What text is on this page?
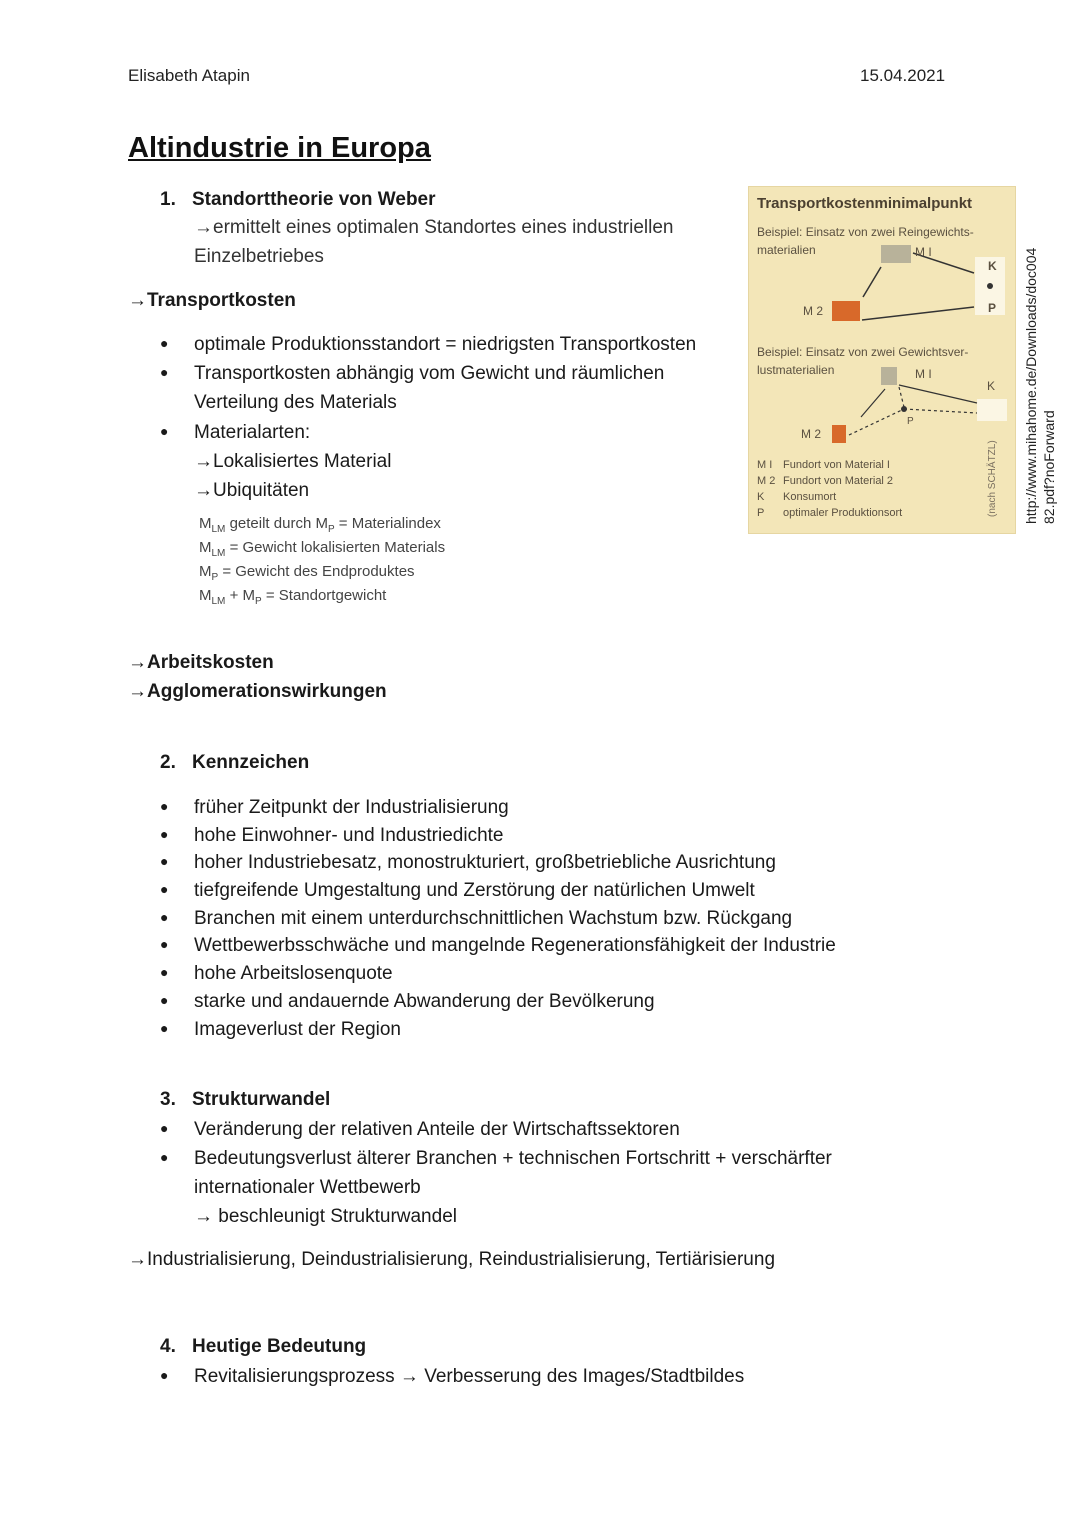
Elisabeth Atapin	15.04.2021
Altindustrie in Europa
1. Standorttheorie von Weber
→ermittelt eines optimalen Standortes eines industriellen
Einzelbetriebes
→Transportkosten
● optimale Produktionsstandort = niedrigsten Transportkosten
● Transportkosten abhängig vom Gewicht und räumlichen
Verteilung des Materials
● Materialarten:
→Lokalisiertes Material
→Ubiquitäten
$M_{LM}$ geteilt durch $M_P$ = Materialindex
$M_{LM}$ = Gewicht lokalisierten Materials
$M_P$ = Gewicht des Endproduktes
$M_{LM} + M_P$ = Standortgewicht
→Arbeitskosten
→Agglomerationswirkungen
2. Kennzeichen
● früher Zeitpunkt der Industrialisierung
● hohe Einwohner- und Industriedichte
● hoher Industriebesatz, monostrukturiert, großbetriebliche Ausrichtung
● tiefgreifende Umgestaltung und Zerstörung der natürlichen Umwelt
● Branchen mit einem unterdurchschnittlichen Wachstum bzw. Rückgang
● Wettbewerbsschwäche und mangelnde Regenerationsfähigkeit der Industrie
● hohe Arbeitslosenquote
● starke und andauernde Abwanderung der Bevölkerung
● Imageverlust der Region
3. Strukturwandel
● Veränderung der relativen Anteile der Wirtschaftssektoren
● Bedeutungsverlust älterer Branchen + technischen Fortschritt + verschärfter
internationaler Wettbewerb
→ beschleunigt Strukturwandel
→Industrialisierung, Deindustrialisierung, Reindustrialisierung, Tertiärisierung
4. Heutige Bedeutung
● Revitalisierungsprozess → Verbesserung des Images/Stadtbildes
Transportkostenminimalpunkt
Beispiel: Einsatz von zwei Reingewichts-
materialien	M I
M 2
K
P
Beispiel: Einsatz von zwei Gewichtsver-
lustmaterialien	M I
M 2
K
P
M I Fundort von Material I
M 2 Fundort von Material 2
K Konsumort
P optimaler Produktionsort	(nach SCHÄTZL) http://www.mihahome.de/Downloads/doc004 82.pdf?noForward
